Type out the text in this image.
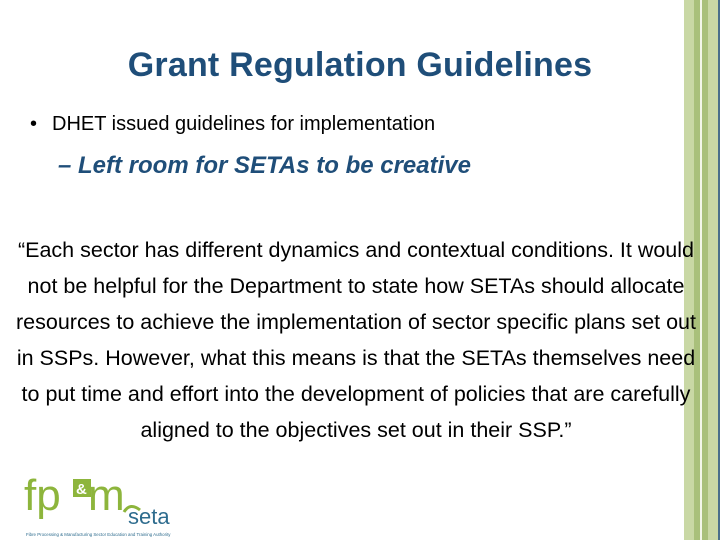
Grant Regulation Guidelines
• DHET issued guidelines for implementation
– Left room for SETAs to be creative
“Each sector has different dynamics and contextual conditions. It would not be helpful for the Department to state how SETAs should allocate resources to achieve the implementation of sector specific plans set out in SSPs. However, what this means is that the SETAs themselves need to put time and effort into the development of policies that are carefully aligned to the objectives set out in their SSP.”
fp & m seta
Fibre Processing & Manufacturing Sector Education and Training Authority
